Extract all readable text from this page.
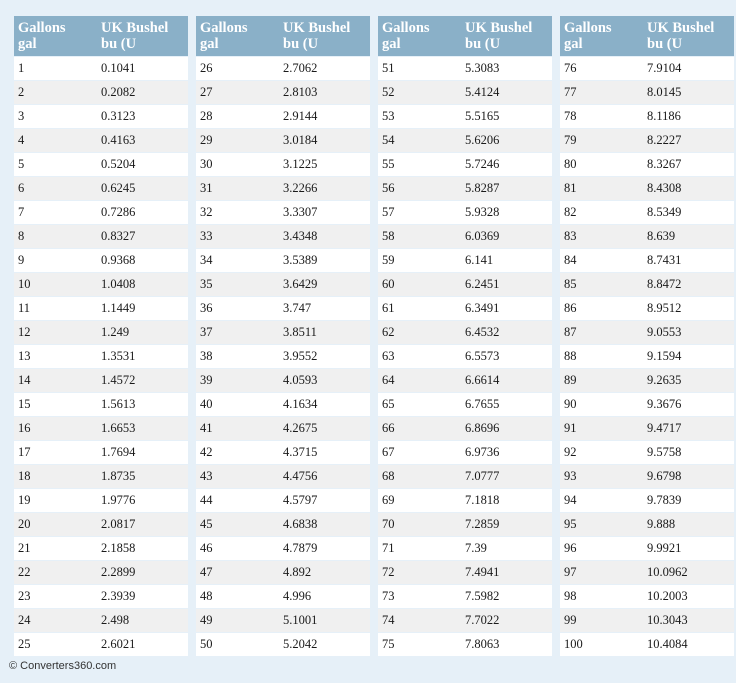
Gallons
gal	UK Bushel
bu (U
1	0.1041
2	0.2082
3	0.3123
4	0.4163
5	0.5204
6	0.6245
7	0.7286
8	0.8327
9	0.9368
10	1.0408
11	1.1449
12	1.249
13	1.3531
14	1.4572
15	1.5613
16	1.6653
17	1.7694
18	1.8735
19	1.9776
20	2.0817
21	2.1858
22	2.2899
23	2.3939
24	2.498
25	2.6021
Gallons
gal	UK Bushel
bu (U
26	2.7062
27	2.8103
28	2.9144
29	3.0184
30	3.1225
31	3.2266
32	3.3307
33	3.4348
34	3.5389
35	3.6429
36	3.747
37	3.8511
38	3.9552
39	4.0593
40	4.1634
41	4.2675
42	4.3715
43	4.4756
44	4.5797
45	4.6838
46	4.7879
47	4.892
48	4.996
49	5.1001
50	5.2042
Gallons
gal	UK Bushel
bu (U
51	5.3083
52	5.4124
53	5.5165
54	5.6206
55	5.7246
56	5.8287
57	5.9328
58	6.0369
59	6.141
60	6.2451
61	6.3491
62	6.4532
63	6.5573
64	6.6614
65	6.7655
66	6.8696
67	6.9736
68	7.0777
69	7.1818
70	7.2859
71	7.39
72	7.4941
73	7.5982
74	7.7022
75	7.8063
Gallons
gal	UK Bushel
bu (U
76	7.9104
77	8.0145
78	8.1186
79	8.2227
80	8.3267
81	8.4308
82	8.5349
83	8.639
84	8.7431
85	8.8472
86	8.9512
87	9.0553
88	9.1594
89	9.2635
90	9.3676
91	9.4717
92	9.5758
93	9.6798
94	9.7839
95	9.888
96	9.9921
97	10.0962
98	10.2003
99	10.3043
100	10.4084
© Converters360.com
